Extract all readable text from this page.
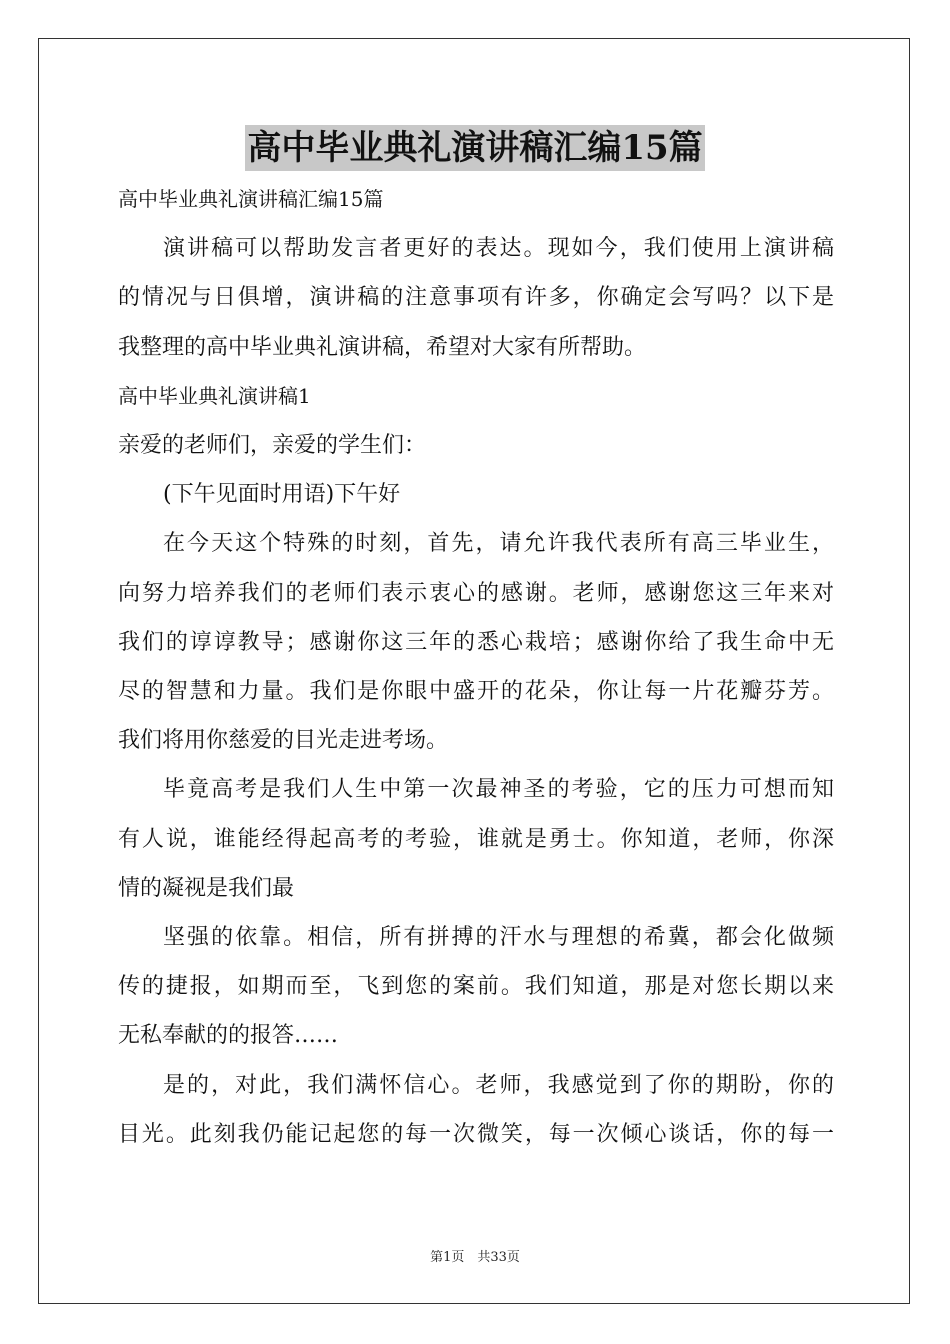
高中毕业典礼演讲稿汇编15篇
高中毕业典礼演讲稿汇编15篇
演讲稿可以帮助发言者更好的表达。现如今，我们使用上演讲稿
的情况与日俱增，演讲稿的注意事项有许多，你确定会写吗？以下是
我整理的高中毕业典礼演讲稿，希望对大家有所帮助。
高中毕业典礼演讲稿1
亲爱的老师们，亲爱的学生们：
(下午见面时用语)下午好
在今天这个特殊的时刻，首先，请允许我代表所有高三毕业生，
向努力培养我们的老师们表示衷心的感谢。老师，感谢您这三年来对
我们的谆谆教导；感谢你这三年的悉心栽培；感谢你给了我生命中无
尽的智慧和力量。我们是你眼中盛开的花朵，你让每一片花瓣芬芳。
我们将用你慈爱的目光走进考场。
毕竟高考是我们人生中第一次最神圣的考验，它的压力可想而知
有人说，谁能经得起高考的考验，谁就是勇士。你知道，老师，你深
情的凝视是我们最
坚强的依靠。相信，所有拼搏的汗水与理想的希冀，都会化做频
传的捷报，如期而至，飞到您的案前。我们知道，那是对您长期以来
无私奉献的的报答……
是的，对此，我们满怀信心。老师，我感觉到了你的期盼，你的
目光。此刻我仍能记起您的每一次微笑，每一次倾心谈话，你的每一
第1页　共33页
